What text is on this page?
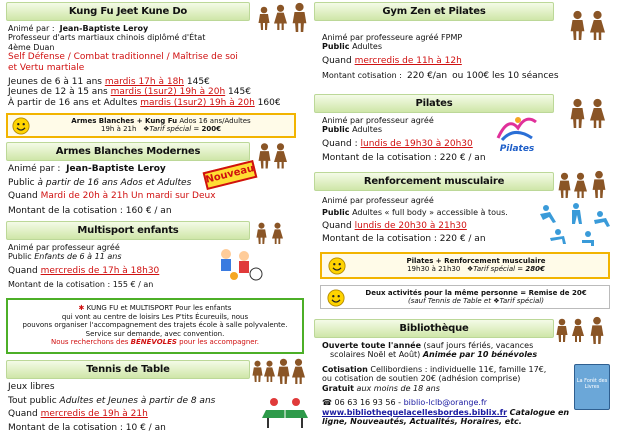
Kung Fu Jeet Kune Do
Animé par : Jean-Baptiste Leroy
Professeur d'arts martiaux chinois diplômé d'État
4ème Duan
Self Défense / Combat traditionnel / Maîtrise de soi
et Vertu martiale
Jeunes de 6 à 11 ans mardis 17h à 18h 145€
Jeunes de 12 à 15 ans mardis (1sur2) 19h à 20h 145€
À partir de 16 ans et Adultes mardis (1sur2) 19h à 20h 160€
Armes Blanches + Kung Fu Ados 16 ans/Adultes
19h à 21h ❖Tarif spécial = 200€
Armes Blanches Modernes
Nouveau
Animé par : Jean-Baptiste Leroy
Public à partir de 16 ans Ados et Adultes
Quand Mardi de 20h à 21h Un mardi sur Deux
Montant de la cotisation : 160 € / an
Multisport enfants
Animé par professeur agréé
Public Enfants de 6 à 11 ans
Quand mercredis de 17h à 18h30
Montant de la cotisation : 155 € / an
✱ KUNG FU et MULTISPORT Pour les enfants
qui vont au centre de loisirs Les P'tits Écureuils, nous
pouvons organiser l'accompagnement des trajets école à salle polyvalente.
Service sur demande, avec convention.
Nous recherchons des BÉNÉVOLES pour les accompagner.
Tennis de Table
Jeux libres
Tout public Adultes et Jeunes à partir de 8 ans
Quand mercredis de 19h à 21h
Montant de la cotisation : 10 € / an
Gym Zen et Pilates
Animé par professeure agréé FPMP
Public Adultes
Quand mercredis de 11h à 12h
Montant cotisation : 220 €/an ou 100€ les 10 séances
Pilates
Pilates
Animé par professeur agréé
Public Adultes
Quand : lundis de 19h30 à 20h30
Montant de la cotisation : 220 € / an
Renforcement musculaire
Animé par professeur agréé
Public Adultes « full body » accessible à tous.
Quand lundis de 20h30 à 21h30
Montant de la cotisation : 220 € / an
Pilates + Renforcement musculaire
19h30 à 21h30 ❖Tarif spécial = 280€
Deux activités pour la même personne = Remise de 20€
(sauf Tennis de Table et ❖Tarif spécial)
Bibliothèque
La Forêt des Livres
Ouverte toute l'année (sauf jours fériés, vacances
scolaires Noël et Août) Animée par 10 bénévoles
Cotisation Cellibordiens : individuelle 11€, famille 17€,
ou cotisation de soutien 20€ (adhésion comprise)
Gratuit aux moins de 18 ans
☎ 06 63 16 93 56 - biblio-lclb@orange.fr
www.bibliothequelacellesbordes.biblix.fr Catalogue en
ligne, Nouveautés, Actualités, Horaires, etc.
